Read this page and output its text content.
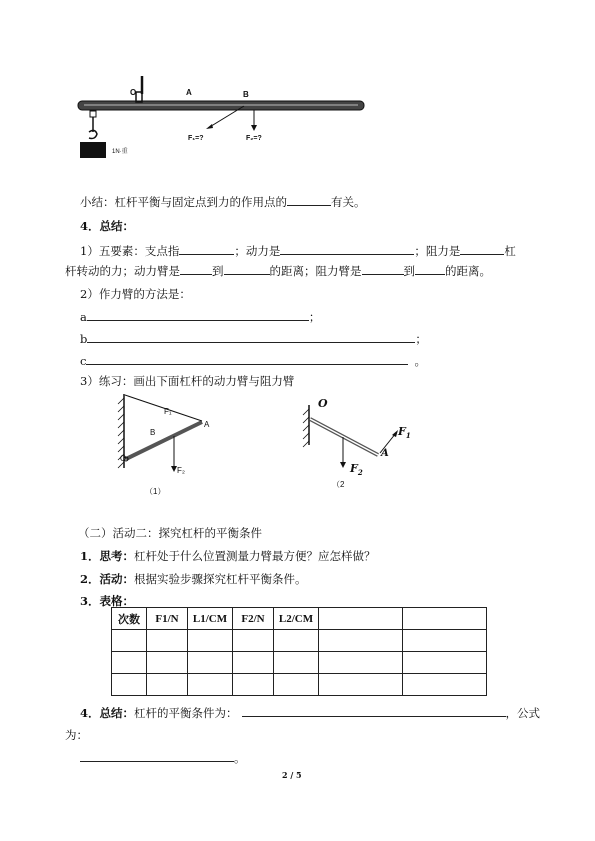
O	A	B
F₁=?	F₂=?
1N·重
小结：杠杆平衡与固定点到力的作用点的	有关。
4．总结：
1）五要素：支点指	；动力是	；阻力是	杠
杆转动的力；动力臂是	到	的距离；阻力臂是	到	的距离。
2）作力臂的方法是：
a	；
b	；
c	。
3）练习：画出下面杠杆的动力臂与阻力臂
F₁
A
B
O
F₂
（1）
O
$F_1$
A
$F_2$
（2
（二）活动二：探究杠杆的平衡条件
1．思考：杠杆处于什么位置测量力臂最方便？应怎样做？
2．活动：根据实验步骤探究杠杆平衡条件。
3．表格：
次数	F1/N	L1/CM	F2/N	L2/CM		

4．总结：杠杆的平衡条件为：	，公式
为：
。
2 / 5
